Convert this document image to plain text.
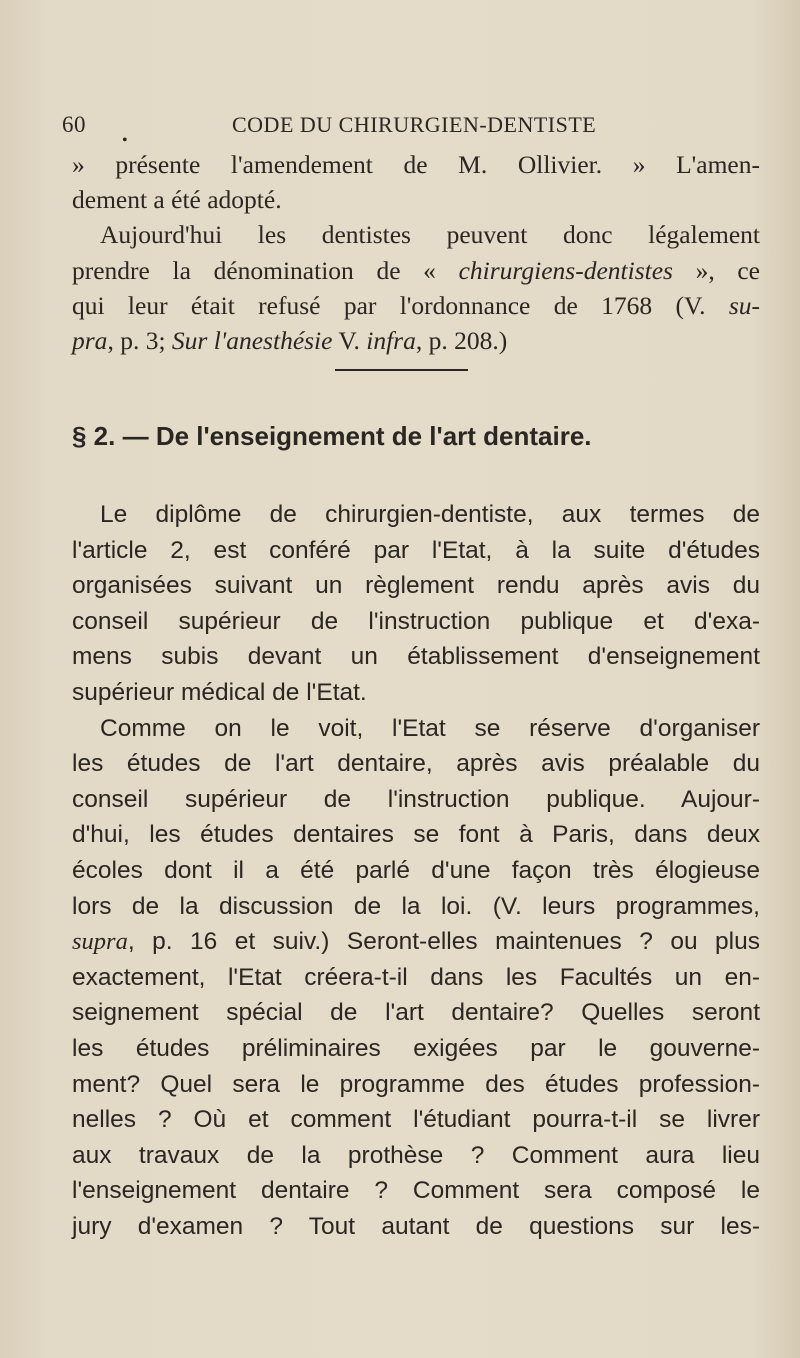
60
•
CODE DU CHIRURGIEN-DENTISTE
» présente l'amendement de M. Ollivier. » L'amen-
dement a été adopté.
Aujourd'hui les dentistes peuvent donc légalement
prendre la dénomination de « chirurgiens-dentistes », ce
qui leur était refusé par l'ordonnance de 1768 (V. su-
pra, p. 3; Sur l'anesthésie V. infra, p. 208.)
§ 2. — De l'enseignement de l'art dentaire.
Le diplôme de chirurgien-dentiste, aux termes de
l'article 2, est conféré par l'Etat, à la suite d'études
organisées suivant un règlement rendu après avis du
conseil supérieur de l'instruction publique et d'exa-
mens subis devant un établissement d'enseignement
supérieur médical de l'Etat.
Comme on le voit, l'Etat se réserve d'organiser
les études de l'art dentaire, après avis préalable du
conseil supérieur de l'instruction publique. Aujour-
d'hui, les études dentaires se font à Paris, dans deux
écoles dont il a été parlé d'une façon très élogieuse
lors de la discussion de la loi. (V. leurs programmes,
supra, p. 16 et suiv.) Seront-elles maintenues ? ou plus
exactement, l'Etat créera-t-il dans les Facultés un en-
seignement spécial de l'art dentaire? Quelles seront
les études préliminaires exigées par le gouverne-
ment? Quel sera le programme des études profession-
nelles ? Où et comment l'étudiant pourra-t-il se livrer
aux travaux de la prothèse ? Comment aura lieu
l'enseignement dentaire ? Comment sera composé le
jury d'examen ? Tout autant de questions sur les-
